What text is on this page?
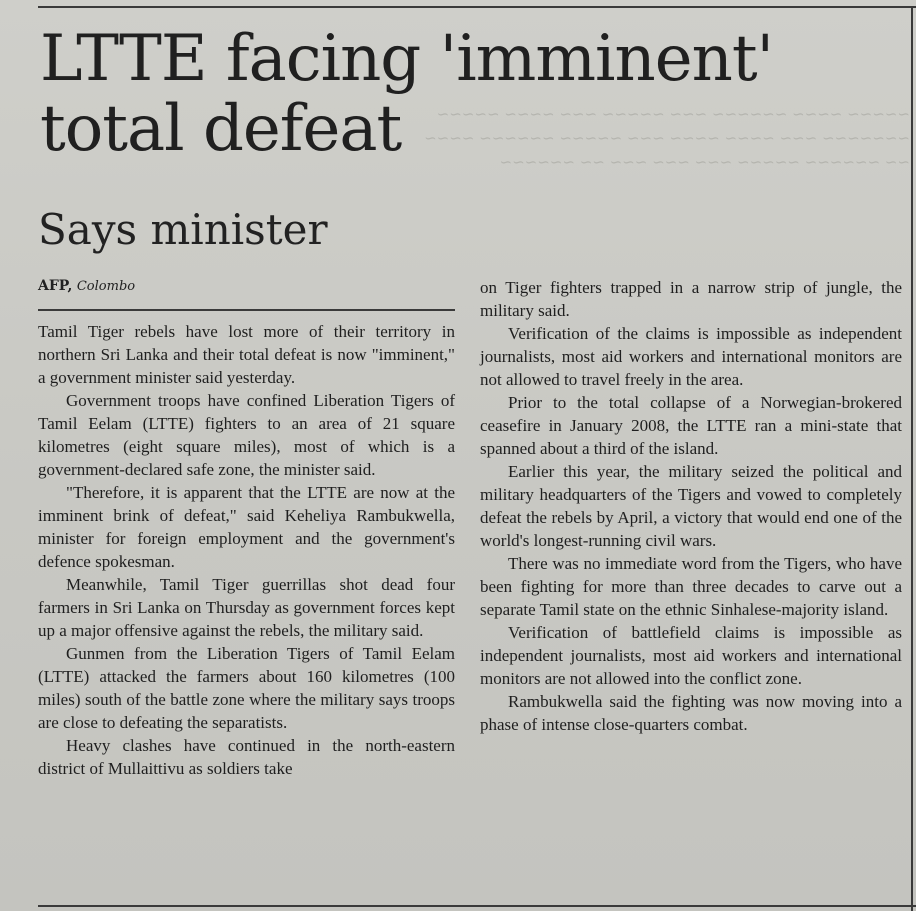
LTTE facing 'imminent'
total defeat	~~~~~ ~~~~ ~~~~~~ ~~~ ~~~~~ ~~~ ~~~~ ~~~~~
~~~~~~~ ~~~ ~~~~ ~~~~ ~~~ ~~~~~ ~~~~~~ ~~~~
~~ ~~~~~~ ~~~~~ ~~~ ~~~ ~~~ ~~ ~~~~~~
Says minister
AFP, Colombo

Tamil Tiger rebels have lost more of their territory in northern Sri Lanka and their total defeat is now "imminent," a government minister said yesterday.

Government troops have confined Liberation Tigers of Tamil Eelam (LTTE) fighters to an area of 21 square kilometres (eight square miles), most of which is a government-declared safe zone, the minister said.

"Therefore, it is apparent that the LTTE are now at the imminent brink of defeat," said Keheliya Rambukwella, minister for foreign employment and the government's defence spokesman.

Meanwhile, Tamil Tiger guerrillas shot dead four farmers in Sri Lanka on Thursday as government forces kept up a major offensive against the rebels, the military said.

Gunmen from the Liberation Tigers of Tamil Eelam (LTTE) attacked the farmers about 160 kilometres (100 miles) south of the battle zone where the military says troops are close to defeating the separatists.

Heavy clashes have continued in the north-eastern district of Mullaittivu as soldiers take

on Tiger fighters trapped in a narrow strip of jungle, the military said.

Verification of the claims is impossible as independent journalists, most aid workers and international monitors are not allowed to travel freely in the area.

Prior to the total collapse of a Norwegian-brokered ceasefire in January 2008, the LTTE ran a mini-state that spanned about a third of the island.

Earlier this year, the military seized the political and military headquarters of the Tigers and vowed to completely defeat the rebels by April, a victory that would end one of the world's longest-running civil wars.

There was no immediate word from the Tigers, who have been fighting for more than three decades to carve out a separate Tamil state on the ethnic Sinhalese-majority island.

Verification of battlefield claims is impossible as independent journalists, most aid workers and international monitors are not allowed into the conflict zone.

Rambukwella said the fighting was now moving into a phase of intense close-quarters combat.
